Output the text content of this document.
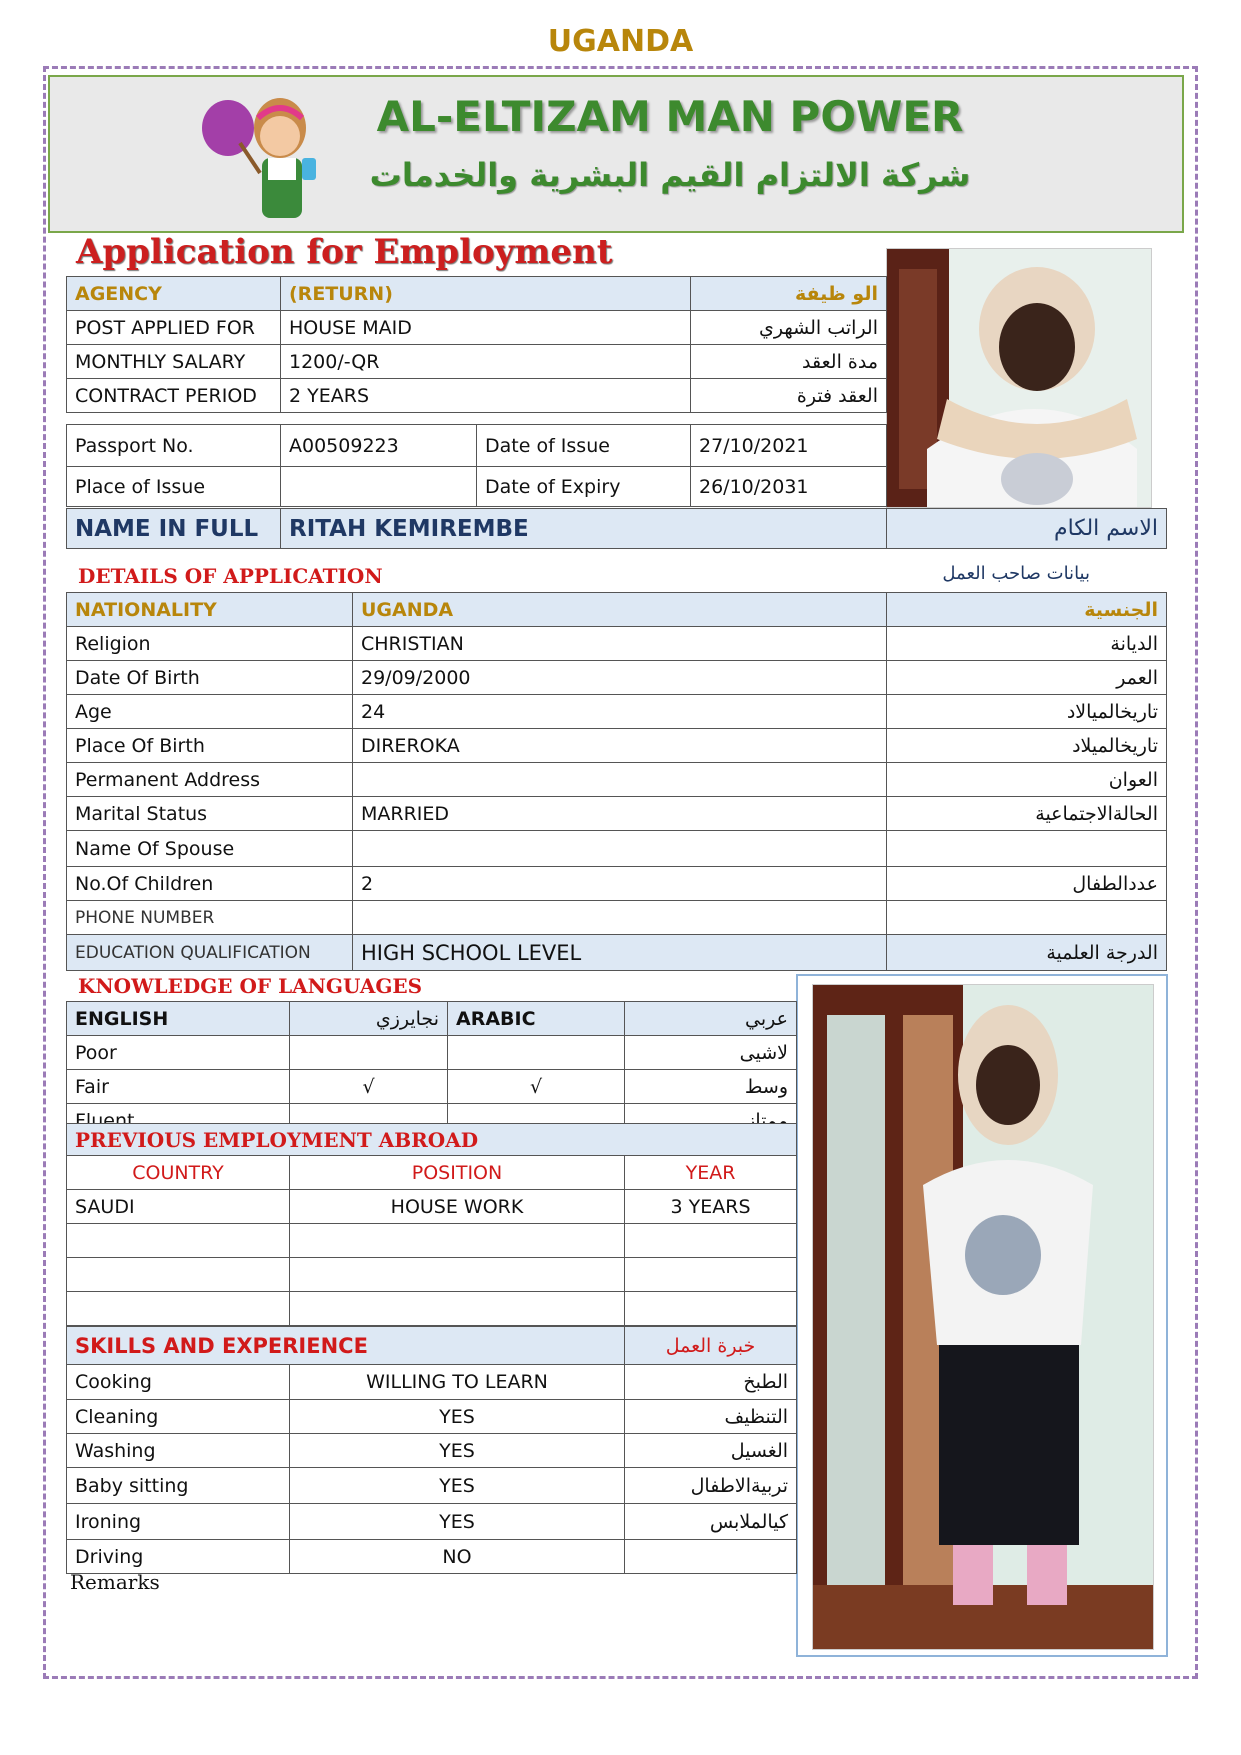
UGANDA
AL-ELTIZAM MAN POWER
شركة الالتزام القيم البشرية والخدمات
Application for Employment
AGENCY	(RETURN)	الو ظيفة
POST APPLIED FOR	HOUSE MAID	الراتب الشهري
MONTHLY SALARY	1200/-QR	مدة العقد
CONTRACT PERIOD	2 YEARS	العقد فترة
Passport No.	A00509223	Date of Issue	27/10/2021
Place of Issue		Date of Expiry	26/10/2031
NAME IN FULL	RITAH KEMIREMBE	الاسم الكام
DETAILS OF APPLICATION	بيانات صاحب العمل
NATIONALITY	UGANDA	الجنسية
Religion	CHRISTIAN	الديانة
Date Of Birth	29/09/2000	العمر
Age	24	تاريخالميالاد
Place Of Birth	DIREROKA	تاريخالميلاد
Permanent Address		العوان
Marital Status	MARRIED	الحالةالاجتماعية
Name Of Spouse		
No.Of Children	2	عددالطفال
PHONE NUMBER		
EDUCATION QUALIFICATION	HIGH SCHOOL LEVEL	الدرجة العلمية
KNOWLEDGE OF LANGUAGES
ENGLISH	نجايرزي	ARABIC	عربي
Poor			لاشيى
Fair	√	√	وسط
Fluent			ممتاز
PREVIOUS EMPLOYMENT ABROAD		
COUNTRY	POSITION	YEAR
SAUDI	HOUSE WORK	3 YEARS

SKILLS AND EXPERIENCE		خبرة العمل
Cooking	WILLING TO LEARN	الطبخ
Cleaning	YES	التنظيف
Washing	YES	الغسيل
Baby sitting	YES	تربيةالاطفال
Ironing	YES	كيالملابس
Driving	NO	
Remarks
